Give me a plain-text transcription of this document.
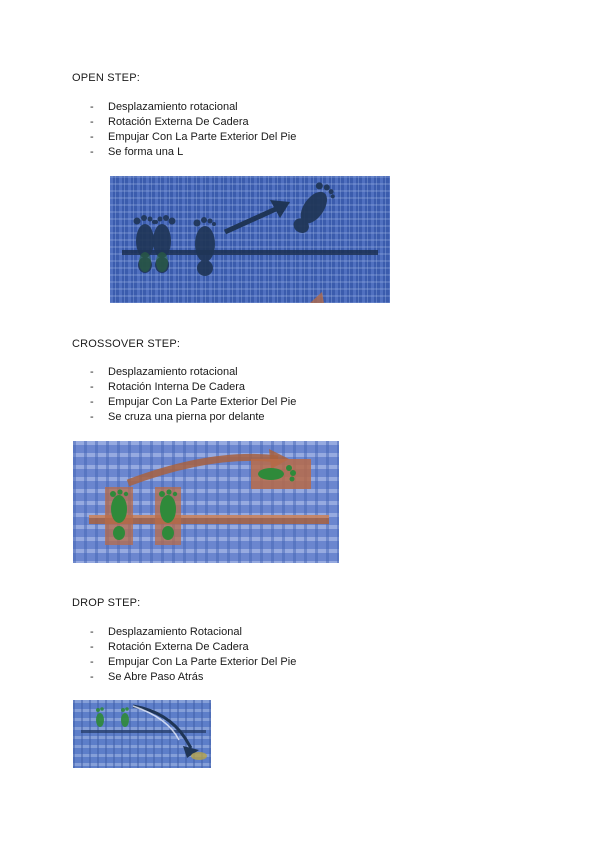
OPEN STEP:
- Desplazamiento rotacional
- Rotación Externa De Cadera
- Empujar Con La Parte Exterior Del Pie
- Se forma una L
CROSSOVER STEP:
- Desplazamiento rotacional
- Rotación Interna De Cadera
- Empujar Con La Parte Exterior Del Pie
- Se cruza una pierna por delante
DROP STEP:
- Desplazamiento Rotacional
- Rotación Externa De Cadera
- Empujar Con La Parte Exterior Del Pie
- Se Abre Paso Atrás
